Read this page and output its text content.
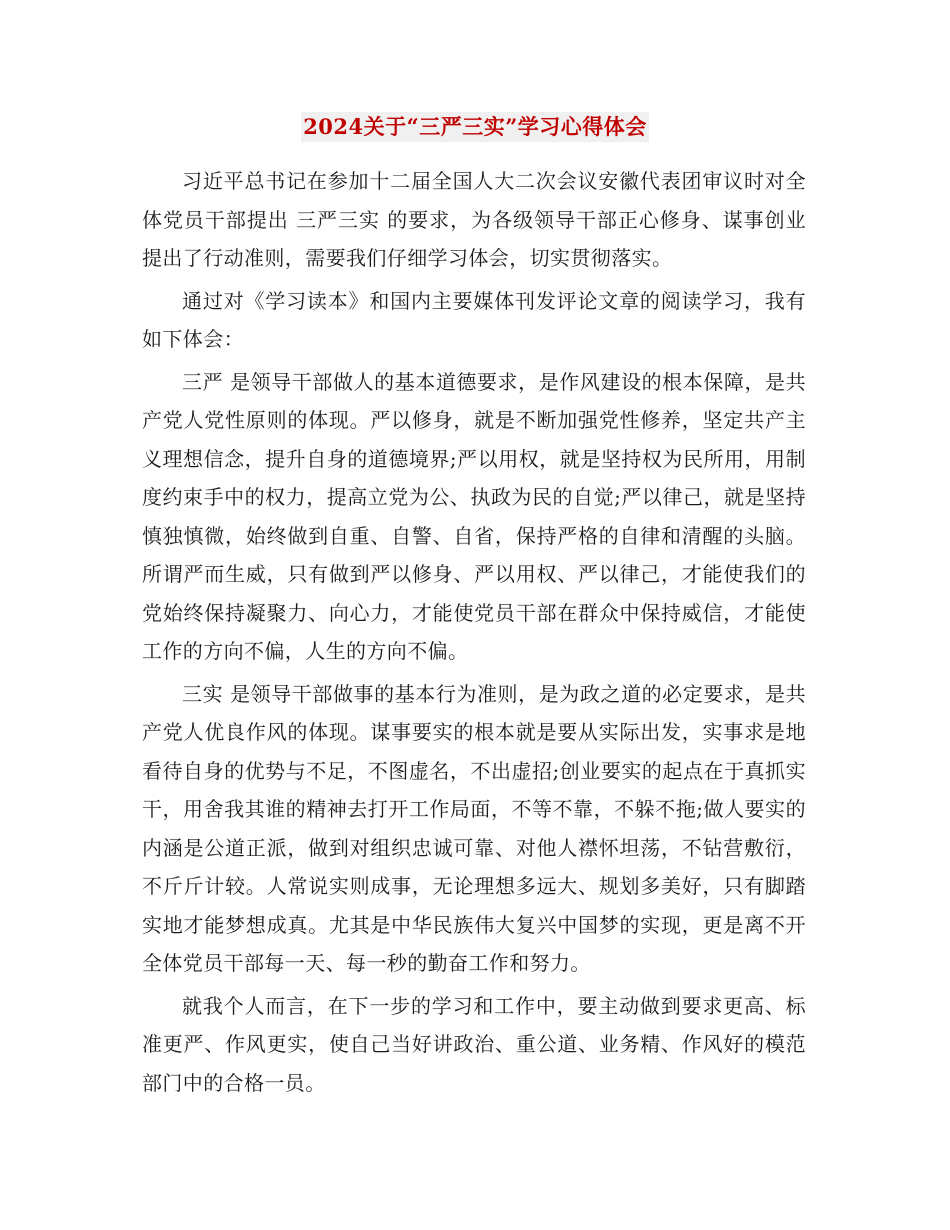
2024关于“三严三实”学习心得体会

习近平总书记在参加十二届全国人大二次会议安徽代表团审议时对全体党员干部提出 三严三实 的要求，为各级领导干部正心修身、谋事创业提出了行动准则，需要我们仔细学习体会，切实贯彻落实。

通过对《学习读本》和国内主要媒体刊发评论文章的阅读学习，我有如下体会：

三严 是领导干部做人的基本道德要求，是作风建设的根本保障，是共产党人党性原则的体现。严以修身，就是不断加强党性修养，坚定共产主义理想信念，提升自身的道德境界;严以用权，就是坚持权为民所用，用制度约束手中的权力，提高立党为公、执政为民的自觉;严以律己，就是坚持慎独慎微，始终做到自重、自警、自省，保持严格的自律和清醒的头脑。所谓严而生威，只有做到严以修身、严以用权、严以律己，才能使我们的党始终保持凝聚力、向心力，才能使党员干部在群众中保持威信，才能使工作的方向不偏，人生的方向不偏。

三实 是领导干部做事的基本行为准则，是为政之道的必定要求，是共产党人优良作风的体现。谋事要实的根本就是要从实际出发，实事求是地看待自身的优势与不足，不图虚名，不出虚招;创业要实的起点在于真抓实干，用舍我其谁的精神去打开工作局面，不等不靠，不躲不拖;做人要实的内涵是公道正派，做到对组织忠诚可靠、对他人襟怀坦荡，不钻营敷衍，不斤斤计较。人常说实则成事，无论理想多远大、规划多美好，只有脚踏实地才能梦想成真。尤其是中华民族伟大复兴中国梦的实现，更是离不开全体党员干部每一天、每一秒的勤奋工作和努力。

就我个人而言，在下一步的学习和工作中，要主动做到要求更高、标准更严、作风更实，使自己当好讲政治、重公道、业务精、作风好的模范部门中的合格一员。
